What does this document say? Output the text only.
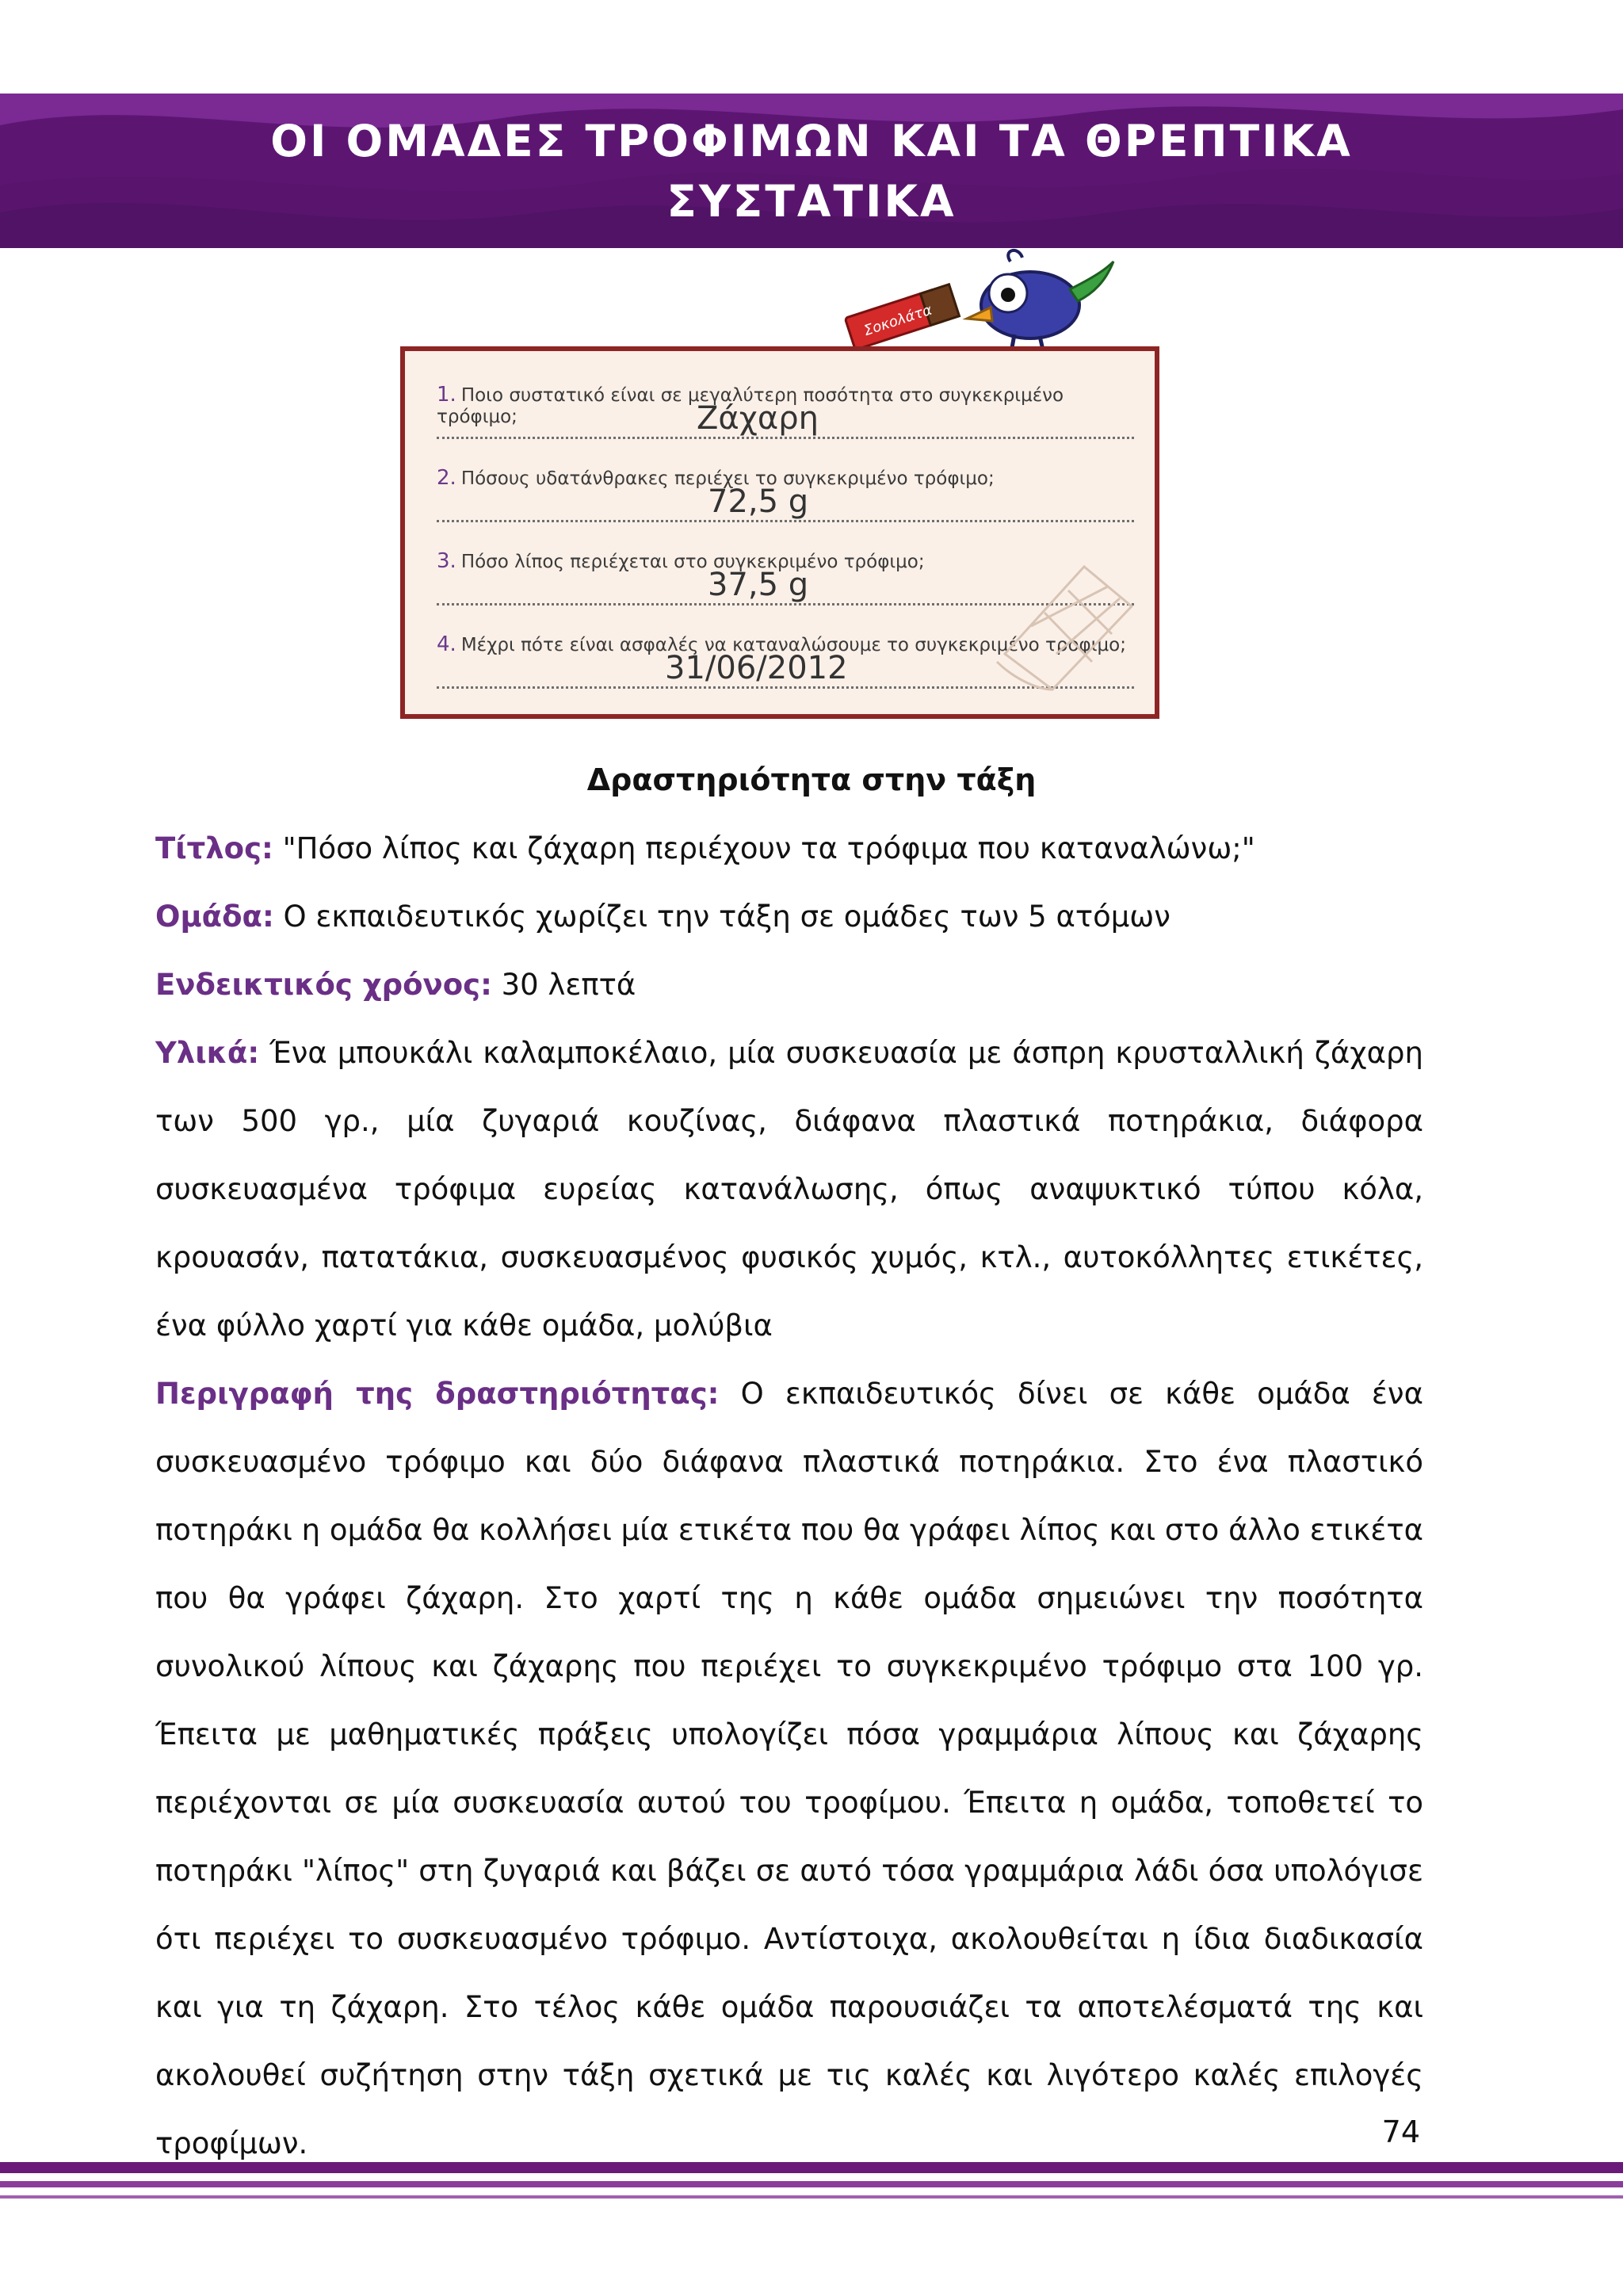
ΟΙ ΟΜΑΔΕΣ ΤΡΟΦΙΜΩΝ ΚΑΙ ΤΑ ΘΡΕΠΤΙΚΑ
ΣΥΣΤΑΤΙΚΑ
Σοκολάτα
1. Ποιο συστατικό είναι σε μεγαλύτερη ποσότητα στο συγκεκριμένο τρόφιμο;	Ζάχαρη
2. Πόσους υδατάνθρακες περιέχει το συγκεκριμένο τρόφιμο;
72,5 g
3. Πόσο λίπος περιέχεται στο συγκεκριμένο τρόφιμο;
37,5 g
4. Μέχρι πότε είναι ασφαλές να καταναλώσουμε το συγκεκριμένο τρόφιμο;
31/06/2012
Δραστηριότητα στην τάξη
Τίτλος: "Πόσο λίπος και ζάχαρη περιέχουν τα τρόφιμα που καταναλώνω;"
Ομάδα: Ο εκπαιδευτικός χωρίζει την τάξη σε ομάδες των 5 ατόμων
Ενδεικτικός χρόνος: 30 λεπτά
Υλικά: Ένα μπουκάλι καλαμποκέλαιο, μία συσκευασία με άσπρη κρυσταλλική ζάχαρη των 500 γρ., μία ζυγαριά κουζίνας, διάφανα πλαστικά ποτηράκια, διάφορα συσκευασμένα τρόφιμα ευρείας κατανάλωσης, όπως αναψυκτικό τύπου κόλα, κρουασάν, πατατάκια, συσκευασμένος φυσικός χυμός, κτλ., αυτοκόλλητες ετικέτες, ένα φύλλο χαρτί για κάθε ομάδα, μολύβια
Περιγραφή της δραστηριότητας: Ο εκπαιδευτικός δίνει σε κάθε ομάδα ένα συσκευασμένο τρόφιμο και δύο διάφανα πλαστικά ποτηράκια. Στο ένα πλαστικό ποτηράκι η ομάδα θα κολλήσει μία ετικέτα που θα γράφει λίπος και στο άλλο ετικέτα που θα γράφει ζάχαρη. Στο χαρτί της η κάθε ομάδα σημειώνει την ποσότητα συνολικού λίπους και ζάχαρης που περιέχει το συγκεκριμένο τρόφιμο στα 100 γρ. Έπειτα με μαθηματικές πράξεις υπολογίζει πόσα γραμμάρια λίπους και ζάχαρης περιέχονται σε μία συσκευασία αυτού του τροφίμου. Έπειτα η ομάδα, τοποθετεί το ποτηράκι "λίπος" στη ζυγαριά και βάζει σε αυτό τόσα γραμμάρια λάδι όσα υπολόγισε ότι περιέχει το συσκευασμένο τρόφιμο. Αντίστοιχα, ακολουθείται η ίδια διαδικασία και για τη ζάχαρη. Στο τέλος κάθε ομάδα παρουσιάζει τα αποτελέσματά της και ακολουθεί συζήτηση στην τάξη σχετικά με τις καλές και λιγότερο καλές επιλογές τροφίμων.	74
